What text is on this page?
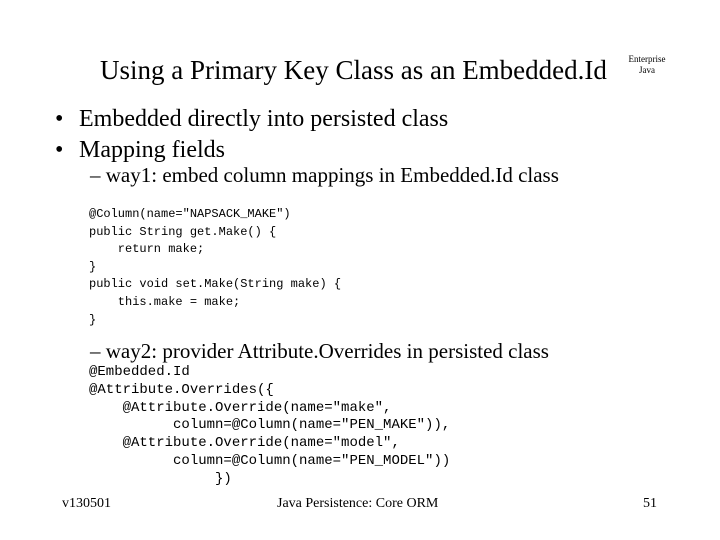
Using a Primary Key Class as an Embedded.Id	Enterprise
Java
• Embedded directly into persisted class
• Mapping fields
– way1: embed column mappings in Embedded.Id class
@Column(name="NAPSACK_MAKE")
public String get.Make() {
return make;
}
public void set.Make(String make) {
this.make = make;
}
– way2: provider Attribute.Overrides in persisted class
@Embedded.Id
@Attribute.Overrides({
@Attribute.Override(name="make",
column=@Column(name="PEN_MAKE")),
@Attribute.Override(name="model",
column=@Column(name="PEN_MODEL"))
})
v130501	Java Persistence: Core ORM	51
